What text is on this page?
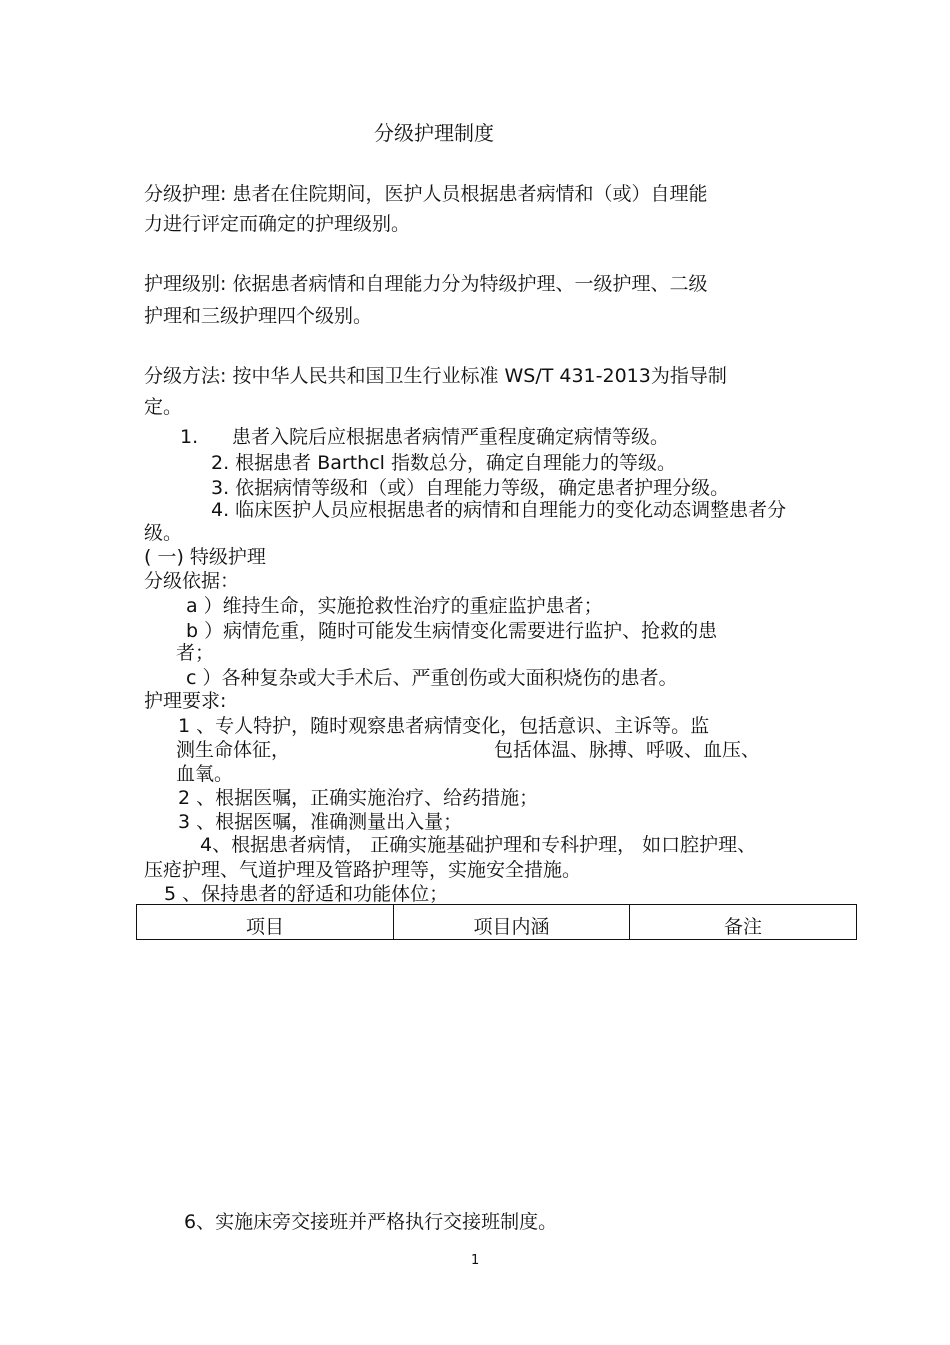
分级护理制度
分级护理: 患者在住院期间，医护人员根据患者病情和（或）自理能
力进行评定而确定的护理级别。
护理级别: 依据患者病情和自理能力分为特级护理、一级护理、二级
护理和三级护理四个级别。
分级方法: 按中华人民共和国卫生行业标准 WS/T 431-2013为指导制
定。
1. 患者入院后应根据患者病情严重程度确定病情等级。
2. 根据患者 Barthcl 指数总分，确定自理能力的等级。
3. 依据病情等级和（或）自理能力等级，确定患者护理分级。
4. 临床医护人员应根据患者的病情和自理能力的变化动态调整患者分
级。
( 一) 特级护理
分级依据：
a ）维持生命，实施抢救性治疗的重症监护患者；
b ）病情危重，随时可能发生病情变化需要进行监护、抢救的患
者；
c ）各种复杂或大手术后、严重创伤或大面积烧伤的患者。
护理要求:
1 、专人特护，随时观察患者病情变化，包括意识、主诉等。监
测生命体征，	包括体温、脉搏、呼吸、血压、
血氧。
2 、根据医嘱，正确实施治疗、给药措施；
3 、根据医嘱，准确测量出入量；
4、根据患者病情， 正确实施基础护理和专科护理， 如口腔护理、
压疮护理、气道护理及管路护理等，实施安全措施。
5 、保持患者的舒适和功能体位；
项目	项目内涵	备注
6、实施床旁交接班并严格执行交接班制度。
1
